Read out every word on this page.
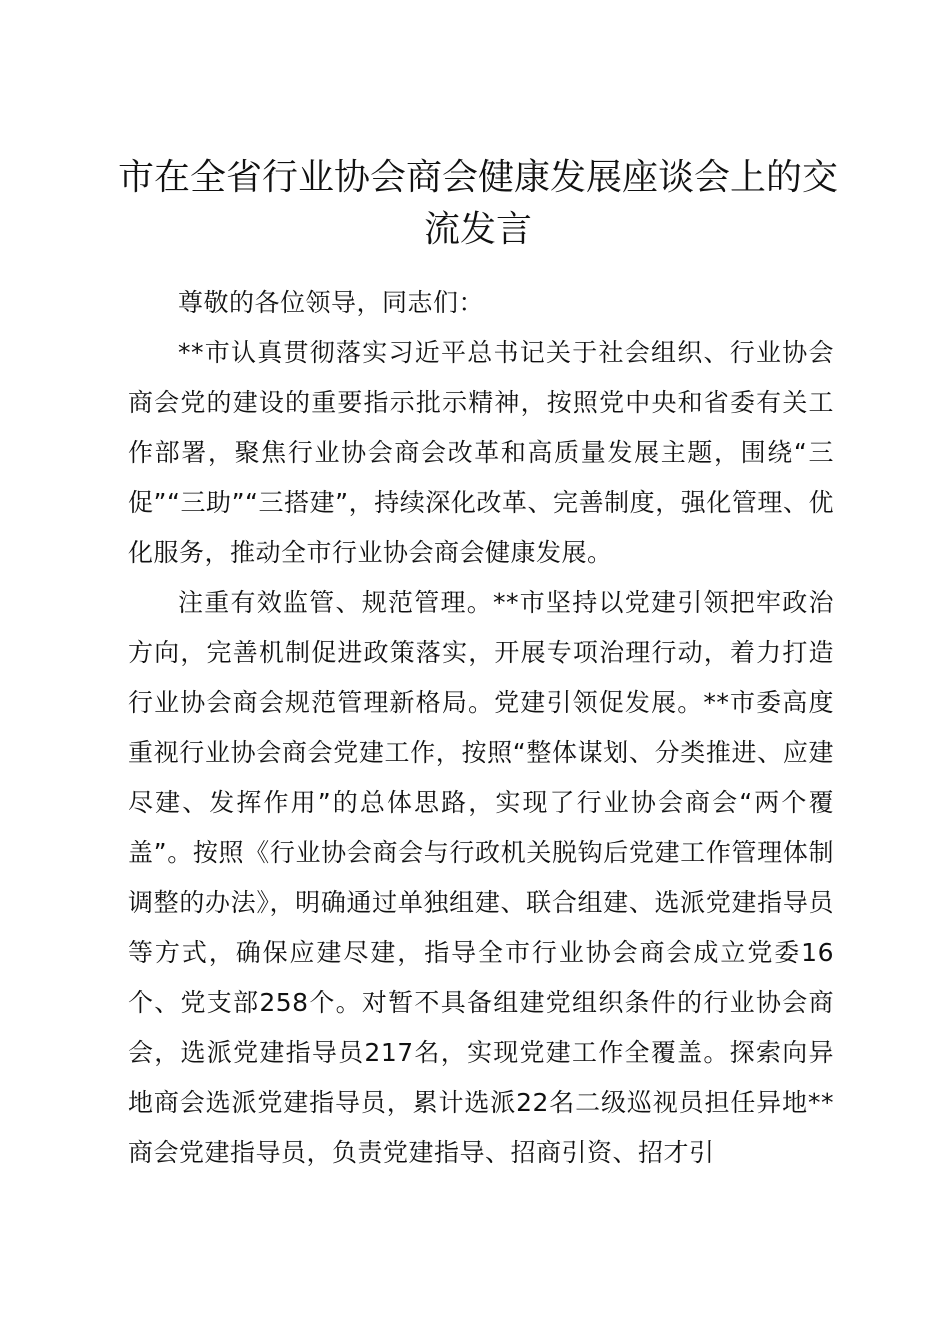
市在全省行业协会商会健康发展座谈会上的交流发言

尊敬的各位领导，同志们：

**市认真贯彻落实习近平总书记关于社会组织、行业协会商会党的建设的重要指示批示精神，按照党中央和省委有关工作部署，聚焦行业协会商会改革和高质量发展主题，围绕“三促”“三助”“三搭建”，持续深化改革、完善制度，强化管理、优化服务，推动全市行业协会商会健康发展。

注重有效监管、规范管理。**市坚持以党建引领把牢政治方向，完善机制促进政策落实，开展专项治理行动，着力打造行业协会商会规范管理新格局。党建引领促发展。**市委高度重视行业协会商会党建工作，按照“整体谋划、分类推进、应建尽建、发挥作用”的总体思路，实现了行业协会商会“两个覆盖”。按照《行业协会商会与行政机关脱钩后党建工作管理体制调整的办法》，明确通过单独组建、联合组建、选派党建指导员等方式，确保应建尽建，指导全市行业协会商会成立党委16个、党支部258个。对暂不具备组建党组织条件的行业协会商会，选派党建指导员217名，实现党建工作全覆盖。探索向异地商会选派党建指导员，累计选派22名二级巡视员担任异地**商会党建指导员，负责党建指导、招商引资、招才引
